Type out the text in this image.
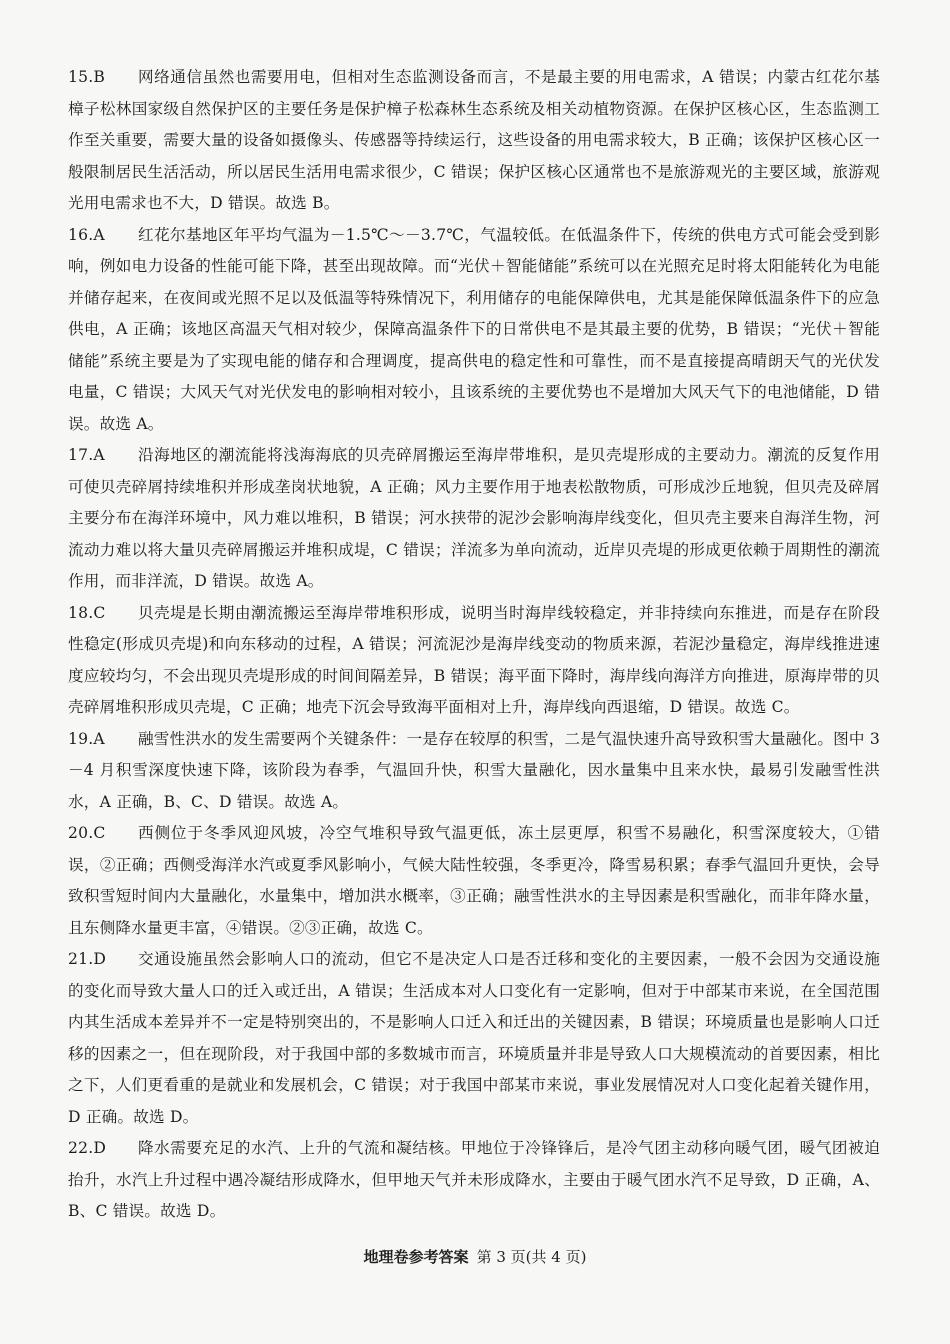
15.B	网络通信虽然也需要用电，但相对生态监测设备而言，不是最主要的用电需求，A 错误；内蒙古红花尔基樟子松林国家级自然保护区的主要任务是保护樟子松森林生态系统及相关动植物资源。在保护区核心区，生态监测工作至关重要，需要大量的设备如摄像头、传感器等持续运行，这些设备的用电需求较大，B 正确；该保护区核心区一般限制居民生活活动，所以居民生活用电需求很少，C 错误；保护区核心区通常也不是旅游观光的主要区域，旅游观光用电需求也不大，D 错误。故选 B。
16.A	红花尔基地区年平均气温为－1.5℃～－3.7℃，气温较低。在低温条件下，传统的供电方式可能会受到影响，例如电力设备的性能可能下降，甚至出现故障。而“光伏＋智能储能”系统可以在光照充足时将太阳能转化为电能并储存起来，在夜间或光照不足以及低温等特殊情况下，利用储存的电能保障供电，尤其是能保障低温条件下的应急供电，A 正确；该地区高温天气相对较少，保障高温条件下的日常供电不是其最主要的优势，B 错误；“光伏＋智能储能”系统主要是为了实现电能的储存和合理调度，提高供电的稳定性和可靠性，而不是直接提高晴朗天气的光伏发电量，C 错误；大风天气对光伏发电的影响相对较小，且该系统的主要优势也不是增加大风天气下的电池储能，D 错误。故选 A。
17.A	沿海地区的潮流能将浅海海底的贝壳碎屑搬运至海岸带堆积，是贝壳堤形成的主要动力。潮流的反复作用可使贝壳碎屑持续堆积并形成垄岗状地貌，A 正确；风力主要作用于地表松散物质，可形成沙丘地貌，但贝壳及碎屑主要分布在海洋环境中，风力难以堆积，B 错误；河水挟带的泥沙会影响海岸线变化，但贝壳主要来自海洋生物，河流动力难以将大量贝壳碎屑搬运并堆积成堤，C 错误；洋流多为单向流动，近岸贝壳堤的形成更依赖于周期性的潮流作用，而非洋流，D 错误。故选 A。
18.C	贝壳堤是长期由潮流搬运至海岸带堆积形成，说明当时海岸线较稳定，并非持续向东推进，而是存在阶段性稳定(形成贝壳堤)和向东移动的过程，A 错误；河流泥沙是海岸线变动的物质来源，若泥沙量稳定，海岸线推进速度应较均匀，不会出现贝壳堤形成的时间间隔差异，B 错误；海平面下降时，海岸线向海洋方向推进，原海岸带的贝壳碎屑堆积形成贝壳堤，C 正确；地壳下沉会导致海平面相对上升，海岸线向西退缩，D 错误。故选 C。
19.A	融雪性洪水的发生需要两个关键条件：一是存在较厚的积雪，二是气温快速升高导致积雪大量融化。图中 3－4 月积雪深度快速下降，该阶段为春季，气温回升快，积雪大量融化，因水量集中且来水快，最易引发融雪性洪水，A 正确，B、C、D 错误。故选 A。
20.C	西侧位于冬季风迎风坡，冷空气堆积导致气温更低，冻土层更厚，积雪不易融化，积雪深度较大，①错误，②正确；西侧受海洋水汽或夏季风影响小，气候大陆性较强，冬季更冷，降雪易积累；春季气温回升更快，会导致积雪短时间内大量融化，水量集中，增加洪水概率，③正确；融雪性洪水的主导因素是积雪融化，而非年降水量，且东侧降水量更丰富，④错误。②③正确，故选 C。
21.D	交通设施虽然会影响人口的流动，但它不是决定人口是否迁移和变化的主要因素，一般不会因为交通设施的变化而导致大量人口的迁入或迁出，A 错误；生活成本对人口变化有一定影响，但对于中部某市来说，在全国范围内其生活成本差异并不一定是特别突出的，不是影响人口迁入和迁出的关键因素，B 错误；环境质量也是影响人口迁移的因素之一，但在现阶段，对于我国中部的多数城市而言，环境质量并非是导致人口大规模流动的首要因素，相比之下，人们更看重的是就业和发展机会，C 错误；对于我国中部某市来说，事业发展情况对人口变化起着关键作用，D 正确。故选 D。
22.D	降水需要充足的水汽、上升的气流和凝结核。甲地位于冷锋锋后，是冷气团主动移向暖气团，暖气团被迫抬升，水汽上升过程中遇冷凝结形成降水，但甲地天气并未形成降水，主要由于暖气团水汽不足导致，D 正确，A、B、C 错误。故选 D。
地理卷参考答案 第 3 页(共 4 页)
